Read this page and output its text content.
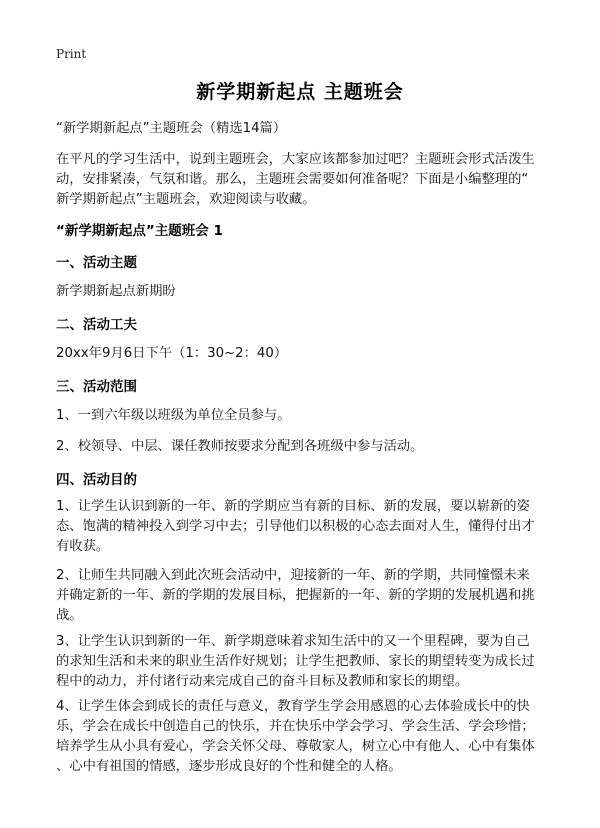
Print
新学期新起点 主题班会
“新学期新起点”主题班会（精选14篇）
在平凡的学习生活中，说到主题班会，大家应该都参加过吧？主题班会形式活泼生
动，安排紧凑，气氛和谐。那么，主题班会需要如何准备呢？下面是小编整理的“
新学期新起点”主题班会，欢迎阅读与收藏。
“新学期新起点”主题班会 1
一、活动主题
新学期新起点新期盼
二、活动工夫
20xx年9月6日下午（1：30~2：40）
三、活动范围
1、一到六年级以班级为单位全员参与。
2、校领导、中层、课任教师按要求分配到各班级中参与活动。
四、活动目的
1、让学生认识到新的一年、新的学期应当有新的目标、新的发展，要以崭新的姿
态、饱满的精神投入到学习中去；引导他们以积极的心态去面对人生，懂得付出才
有收获。
2、让师生共同融入到此次班会活动中，迎接新的一年、新的学期，共同憧憬未来
并确定新的一年、新的学期的发展目标，把握新的一年、新的学期的发展机遇和挑
战。
3、让学生认识到新的一年、新学期意味着求知生活中的又一个里程碑，要为自己
的求知生活和未来的职业生活作好规划；让学生把教师、家长的期望转变为成长过
程中的动力，并付诸行动来完成自己的奋斗目标及教师和家长的期望。
4、让学生体会到成长的责任与意义，教育学生学会用感恩的心去体验成长中的快
乐，学会在成长中创造自己的快乐，并在快乐中学会学习、学会生活、学会珍惜；
培养学生从小具有爱心，学会关怀父母、尊敬家人，树立心中有他人、心中有集体
、心中有祖国的情感，逐步形成良好的个性和健全的人格。
